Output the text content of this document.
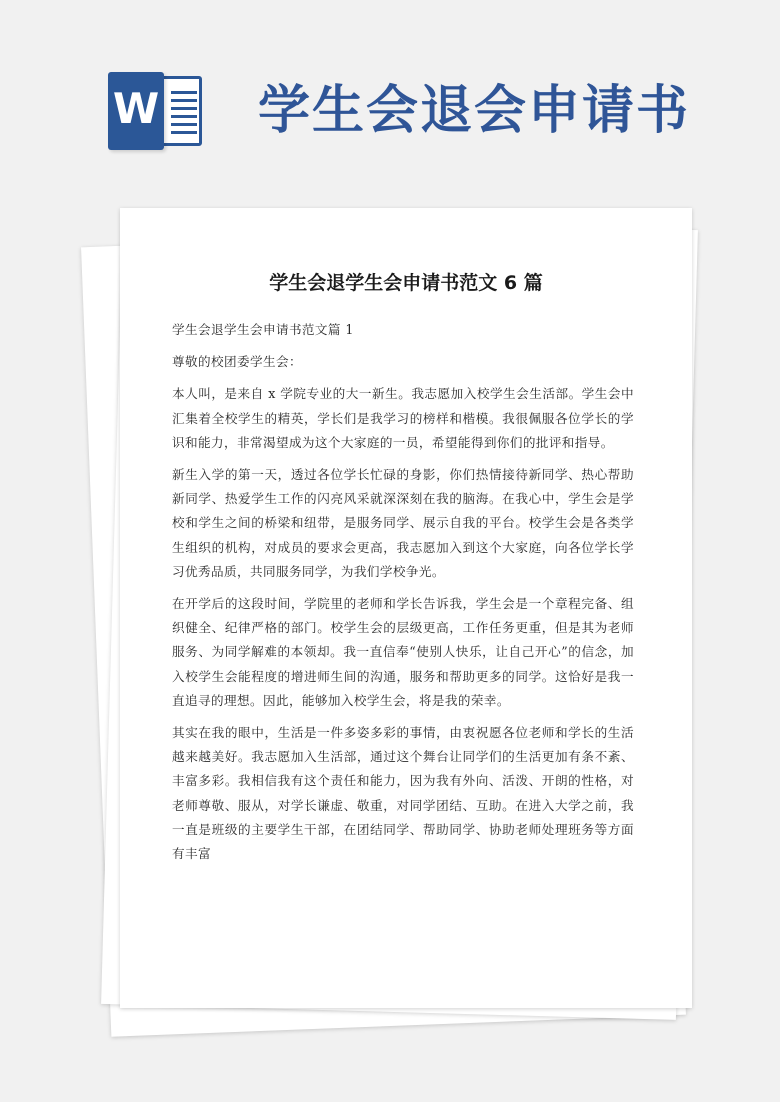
W 学生会退会申请书
学生会退学生会申请书范文 6 篇

学生会退学生会申请书范文篇 1

尊敬的校团委学生会：

本人叫，是来自 x 学院专业的大一新生。我志愿加入校学生会生活部。学生会中汇集着全校学生的精英，学长们是我学习的榜样和楷模。我很佩服各位学长的学识和能力，非常渴望成为这个大家庭的一员，希望能得到你们的批评和指导。

新生入学的第一天，透过各位学长忙碌的身影，你们热情接待新同学、热心帮助新同学、热爱学生工作的闪亮风采就深深刻在我的脑海。在我心中，学生会是学校和学生之间的桥梁和纽带，是服务同学、展示自我的平台。校学生会是各类学生组织的机构，对成员的要求会更高，我志愿加入到这个大家庭，向各位学长学习优秀品质，共同服务同学，为我们学校争光。

在开学后的这段时间，学院里的老师和学长告诉我，学生会是一个章程完备、组织健全、纪律严格的部门。校学生会的层级更高，工作任务更重，但是其为老师服务、为同学解难的本领却。我一直信奉“使别人快乐，让自己开心”的信念，加入校学生会能程度的增进师生间的沟通，服务和帮助更多的同学。这恰好是我一直追寻的理想。因此，能够加入校学生会，将是我的荣幸。

其实在我的眼中，生活是一件多姿多彩的事情，由衷祝愿各位老师和学长的生活越来越美好。我志愿加入生活部，通过这个舞台让同学们的生活更加有条不紊、丰富多彩。我相信我有这个责任和能力，因为我有外向、活泼、开朗的性格，对老师尊敬、服从，对学长谦虚、敬重，对同学团结、互助。在进入大学之前，我一直是班级的主要学生干部，在团结同学、帮助同学、协助老师处理班务等方面有丰富
